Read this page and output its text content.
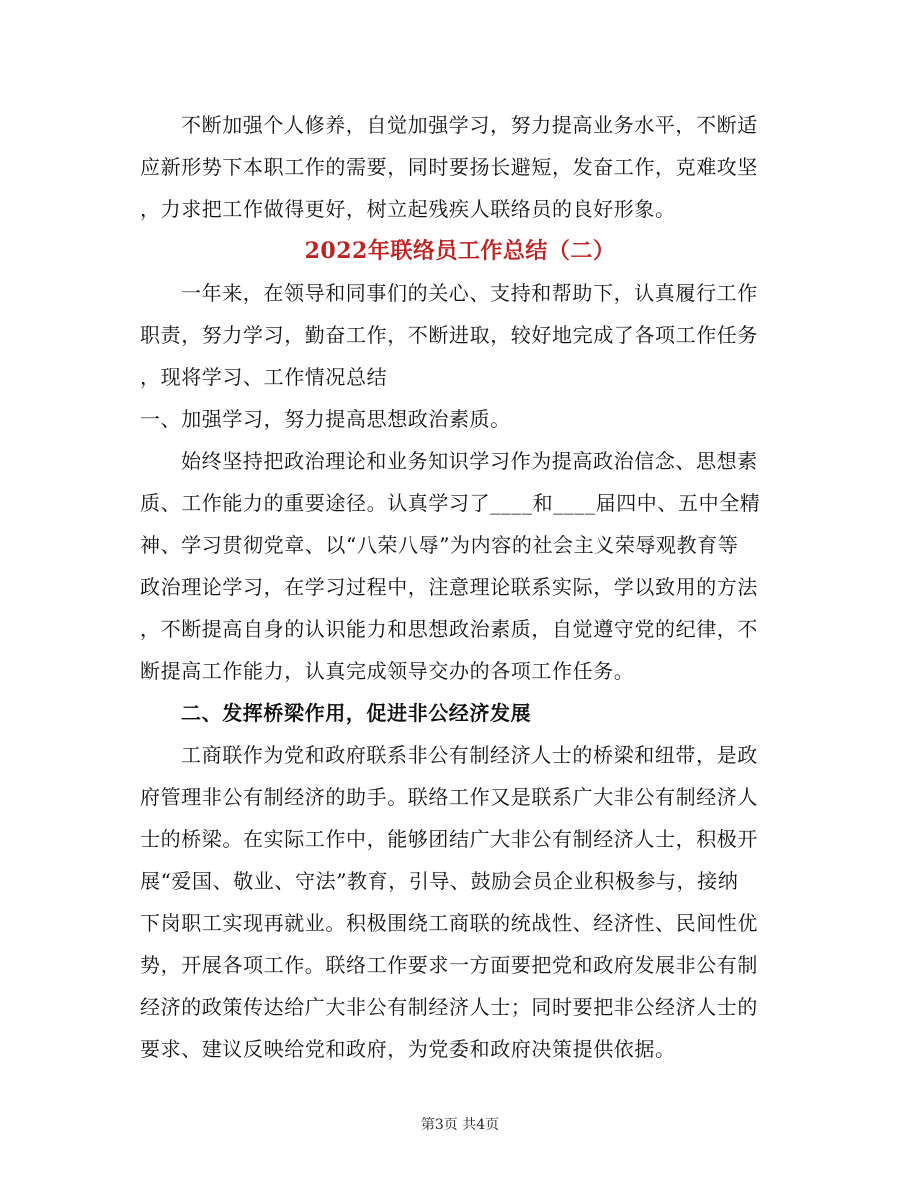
不断加强个人修养，自觉加强学习，努力提高业务水平，不断适
应新形势下本职工作的需要，同时要扬长避短，发奋工作，克难攻坚
，力求把工作做得更好，树立起残疾人联络员的良好形象。
2022年联络员工作总结（二）
一年来，在领导和同事们的关心、支持和帮助下，认真履行工作
职责，努力学习，勤奋工作，不断进取，较好地完成了各项工作任务
，现将学习、工作情况总结
一、加强学习，努力提高思想政治素质。
始终坚持把政治理论和业务知识学习作为提高政治信念、思想素
质、工作能力的重要途径。认真学习了____和____届四中、五中全精
神、学习贯彻党章、以“八荣八辱”为内容的社会主义荣辱观教育等
政治理论学习，在学习过程中，注意理论联系实际，学以致用的方法
，不断提高自身的认识能力和思想政治素质，自觉遵守党的纪律，不
断提高工作能力，认真完成领导交办的各项工作任务。
二、发挥桥梁作用，促进非公经济发展
工商联作为党和政府联系非公有制经济人士的桥梁和纽带，是政
府管理非公有制经济的助手。联络工作又是联系广大非公有制经济人
士的桥梁。在实际工作中，能够团结广大非公有制经济人士，积极开
展“爱国、敬业、守法”教育，引导、鼓励会员企业积极参与，接纳
下岗职工实现再就业。积极围绕工商联的统战性、经济性、民间性优
势，开展各项工作。联络工作要求一方面要把党和政府发展非公有制
经济的政策传达给广大非公有制经济人士；同时要把非公经济人士的
要求、建议反映给党和政府，为党委和政府决策提供依据。
第3页 共4页
